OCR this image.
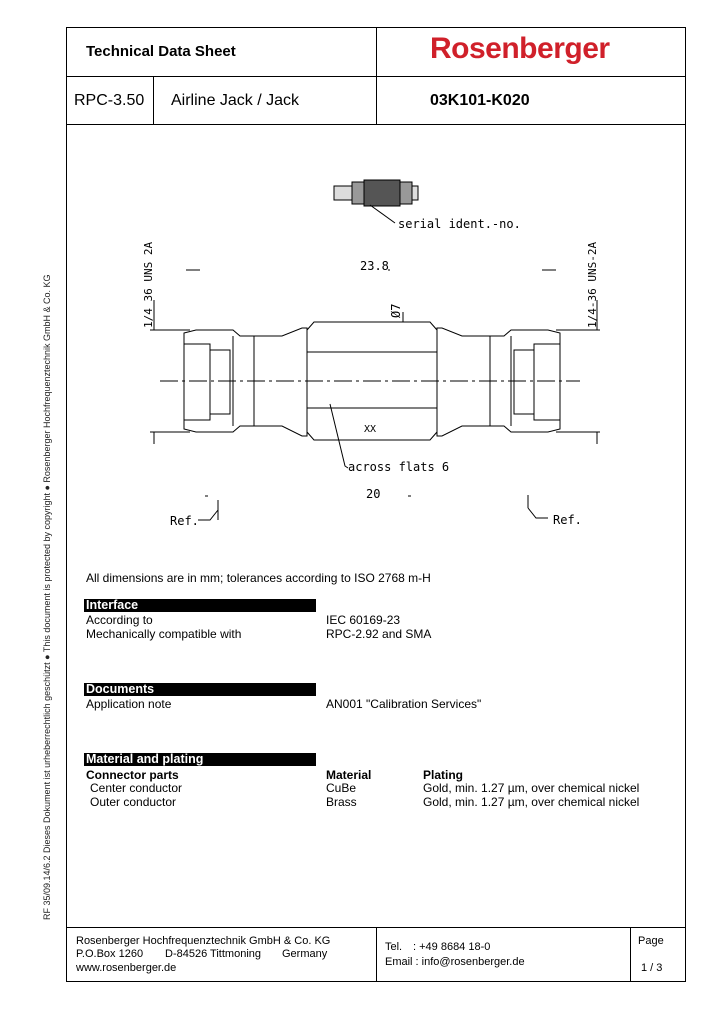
RF 35/09.14/6.2 Dieses Dokument ist urheberrechtlich geschützt ● This document is protected by copyright ● Rosenberger Hochfrequenztechnik GmbH & Co. KG
Technical Data Sheet	Rosenberger
RPC-3.50 Airline Jack / Jack	03K101-K020
XX
serial ident.-no.
1/4 36 UNS 2A	1/4-36 UNS-2A
23.8
Ø7
across flats 6
20
Ref.	Ref.
All dimensions are in mm; tolerances according to ISO 2768 m-H
Interface
According to	IEC 60169-23
Mechanically compatible with	RPC-2.92 and SMA
Documents
Application note	AN001 "Calibration Services"
Material and plating
Connector parts	Material	Plating
Center conductor	CuBe	Gold, min. 1.27 µm, over chemical nickel
Outer conductor	Brass	Gold, min. 1.27 µm, over chemical nickel
Rosenberger Hochfrequenztechnik GmbH & Co. KG
P.O.Box 1260 D-84526 Tittmoning Germany
www.rosenberger.de
Tel. : +49 8684 18-0
Email : info@rosenberger.de
Page
1 / 3
